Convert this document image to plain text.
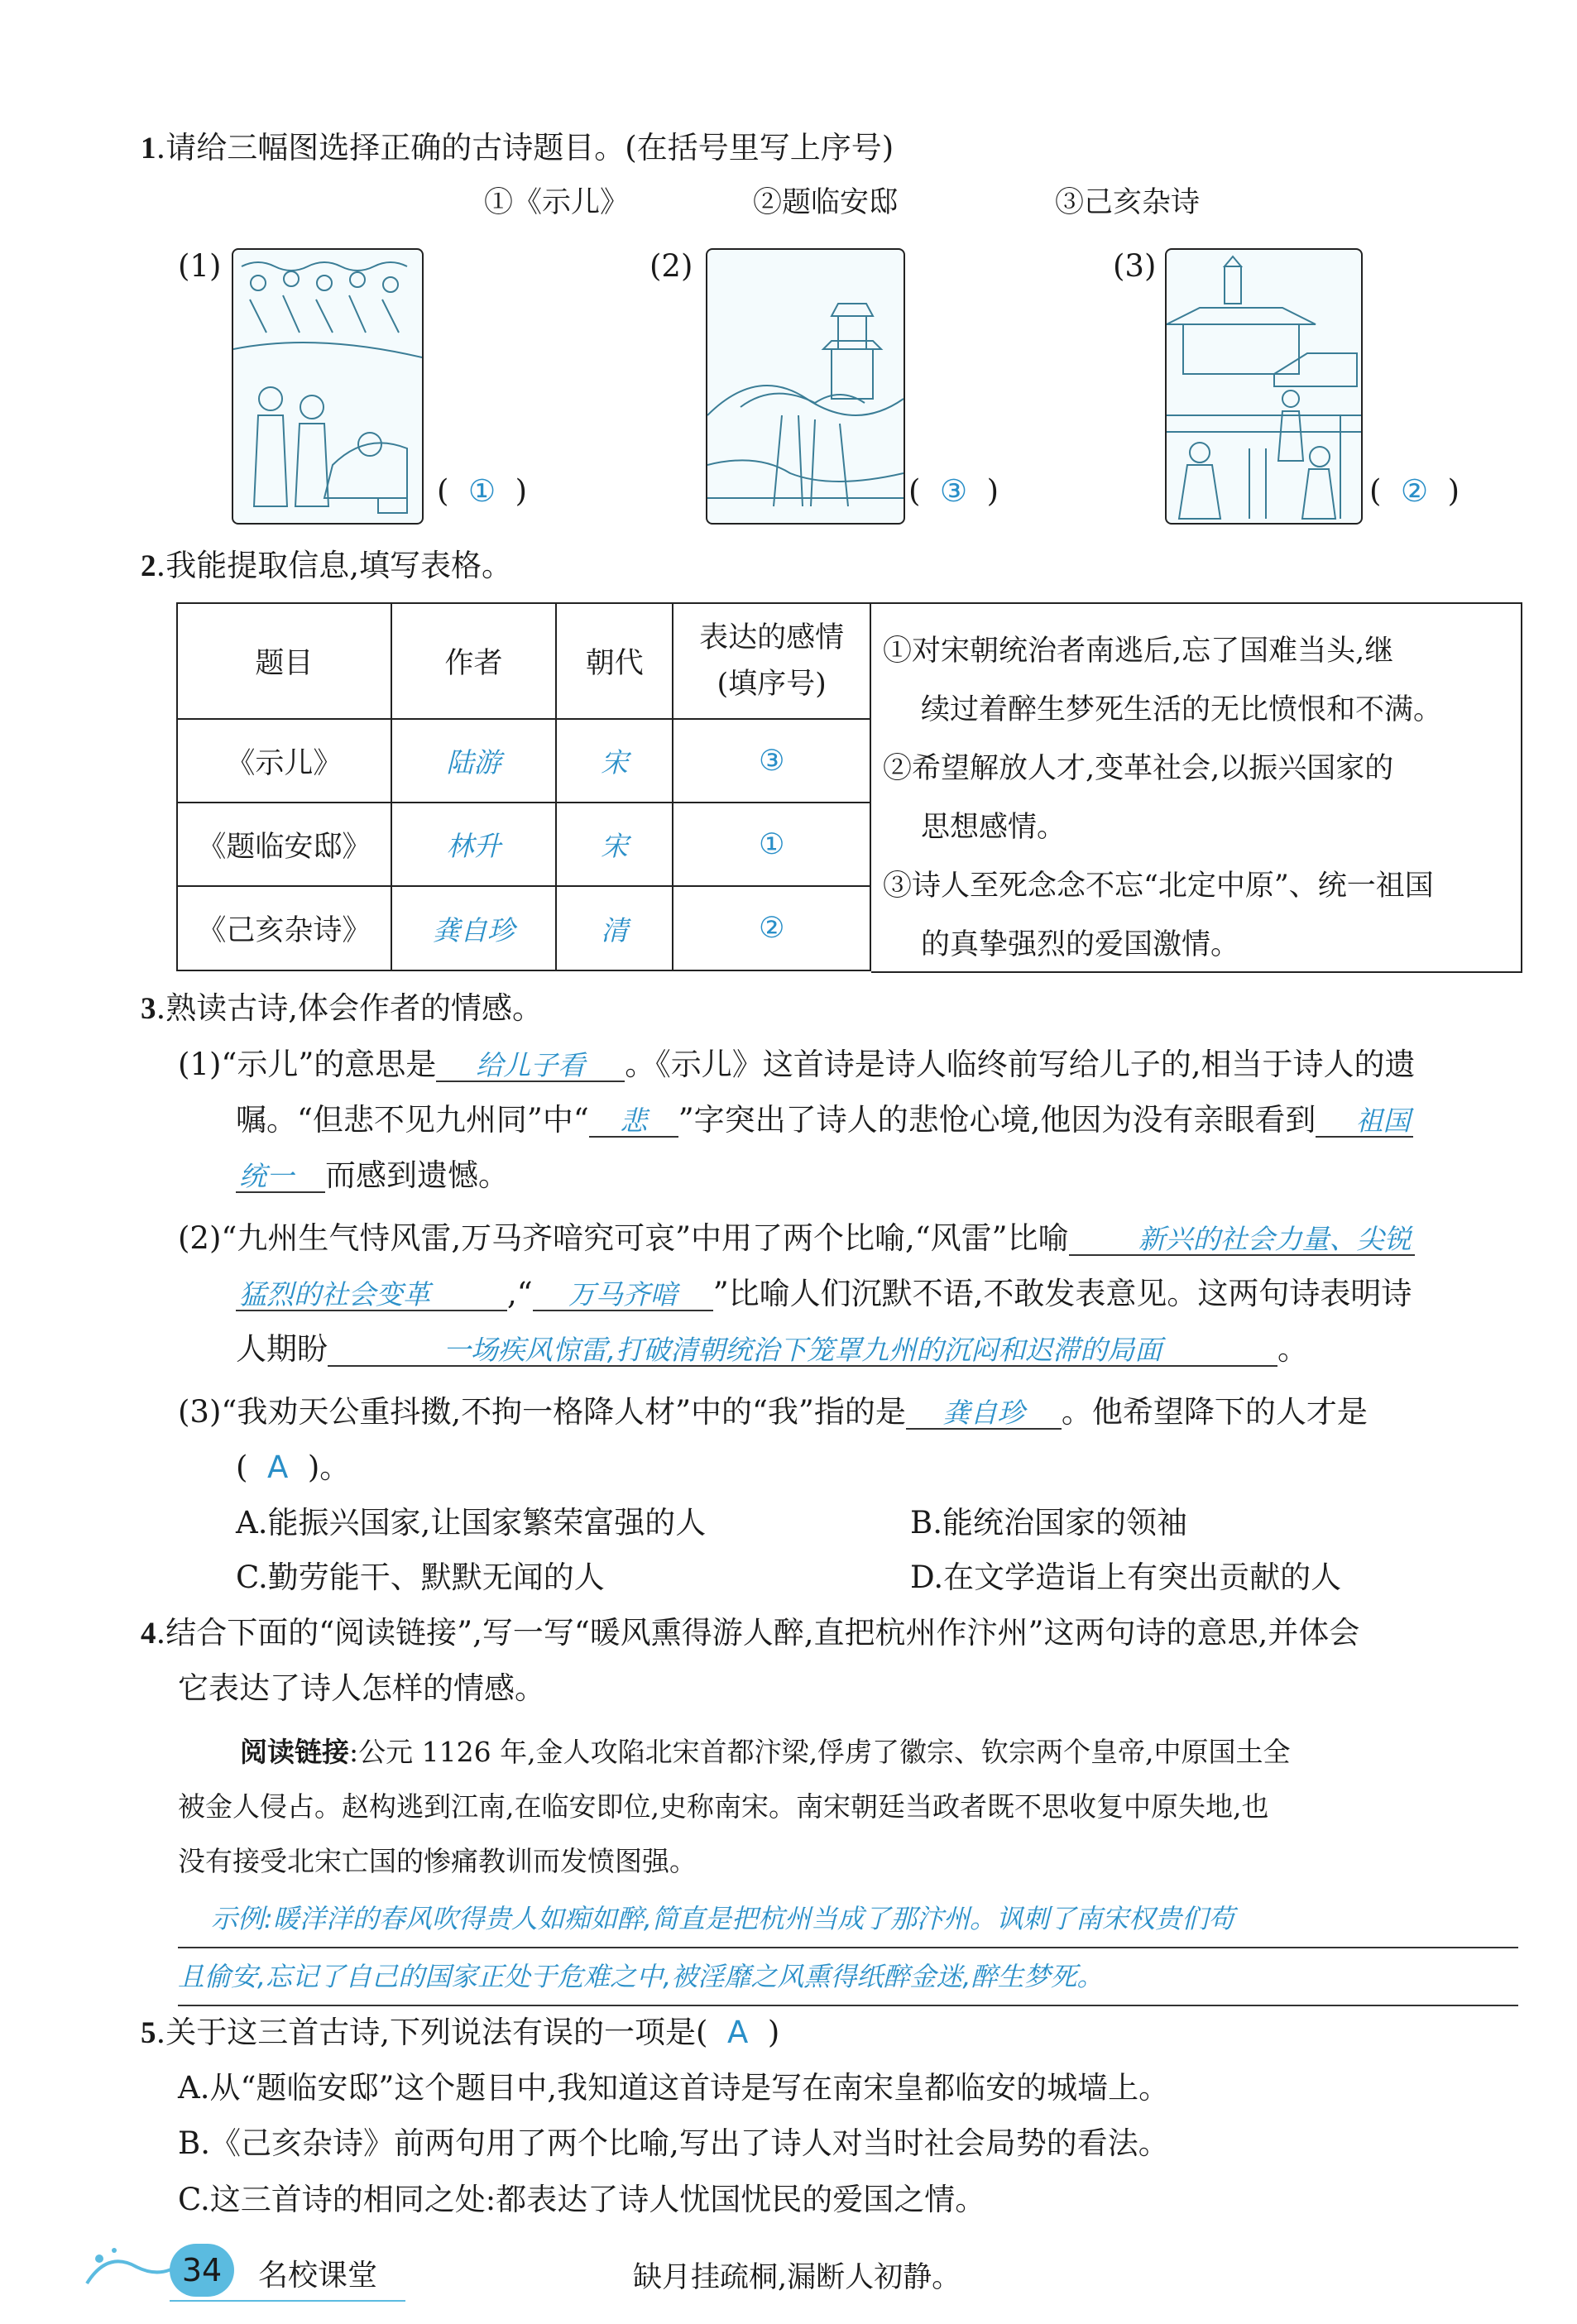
1.请给三幅图选择正确的古诗题目。(在括号里写上序号)
①《示儿》	②题临安邸	③己亥杂诗
(1)
(  ①  )
(2)
(  ③  )
(3)
(  ②  )
2.我能提取信息,填写表格。
题目	作者	朝代	表达的感情
(填序号)

《示儿》	陆游	宋	③
《题临安邸》	林升	宋	①
《己亥杂诗》	龚自珍	清	②
①对宋朝统治者南逃后,忘了国难当头,继
续过着醉生梦死生活的无比愤恨和不满。
②希望解放人才,变革社会,以振兴国家的
思想感情。
③诗人至死念念不忘“北定中原”、统一祖国
的真挚强烈的爱国激情。
3.熟读古诗,体会作者的情感。
(1)“示儿”的意思是 给儿子看 。《示儿》这首诗是诗人临终前写给儿子的,相当于诗人的遗
嘱。“但悲不见九州同”中“ 悲 ”字突出了诗人的悲怆心境,他因为没有亲眼看到 祖国
统一 而感到遗憾。
(2)“九州生气恃风雷,万马齐喑究可哀”中用了两个比喻,“风雷”比喻	新兴的社会力量、尖锐
猛烈的社会变革	,“ 万马齐喑 ”比喻人们沉默不语,不敢发表意见。这两句诗表明诗
人期盼	一场疾风惊雷,打破清朝统治下笼罩九州的沉闷和迟滞的局面	。
(3)“我劝天公重抖擞,不拘一格降人材”中的“我”指的是 龚自珍 。他希望降下的人才是
( A )。
A.能振兴国家,让国家繁荣富强的人	B.能统治国家的领袖
C.勤劳能干、默默无闻的人	D.在文学造诣上有突出贡献的人
4.结合下面的“阅读链接”,写一写“暖风熏得游人醉,直把杭州作汴州”这两句诗的意思,并体会
它表达了诗人怎样的情感。
阅读链接:公元 1126 年,金人攻陷北宋首都汴梁,俘虏了徽宗、钦宗两个皇帝,中原国土全
被金人侵占。赵构逃到江南,在临安即位,史称南宋。南宋朝廷当政者既不思收复中原失地,也
没有接受北宋亡国的惨痛教训而发愤图强。
示例:暖洋洋的春风吹得贵人如痴如醉,简直是把杭州当成了那汴州。讽刺了南宋权贵们苟
且偷安,忘记了自己的国家正处于危难之中,被淫靡之风熏得纸醉金迷,醉生梦死。
5.关于这三首古诗,下列说法有误的一项是( A )
A.从“题临安邸”这个题目中,我知道这首诗是写在南宋皇都临安的城墙上。
B.《己亥杂诗》前两句用了两个比喻,写出了诗人对当时社会局势的看法。
C.这三首诗的相同之处:都表达了诗人忧国忧民的爱国之情。
34	名校课堂	缺月挂疏桐,漏断人初静。
